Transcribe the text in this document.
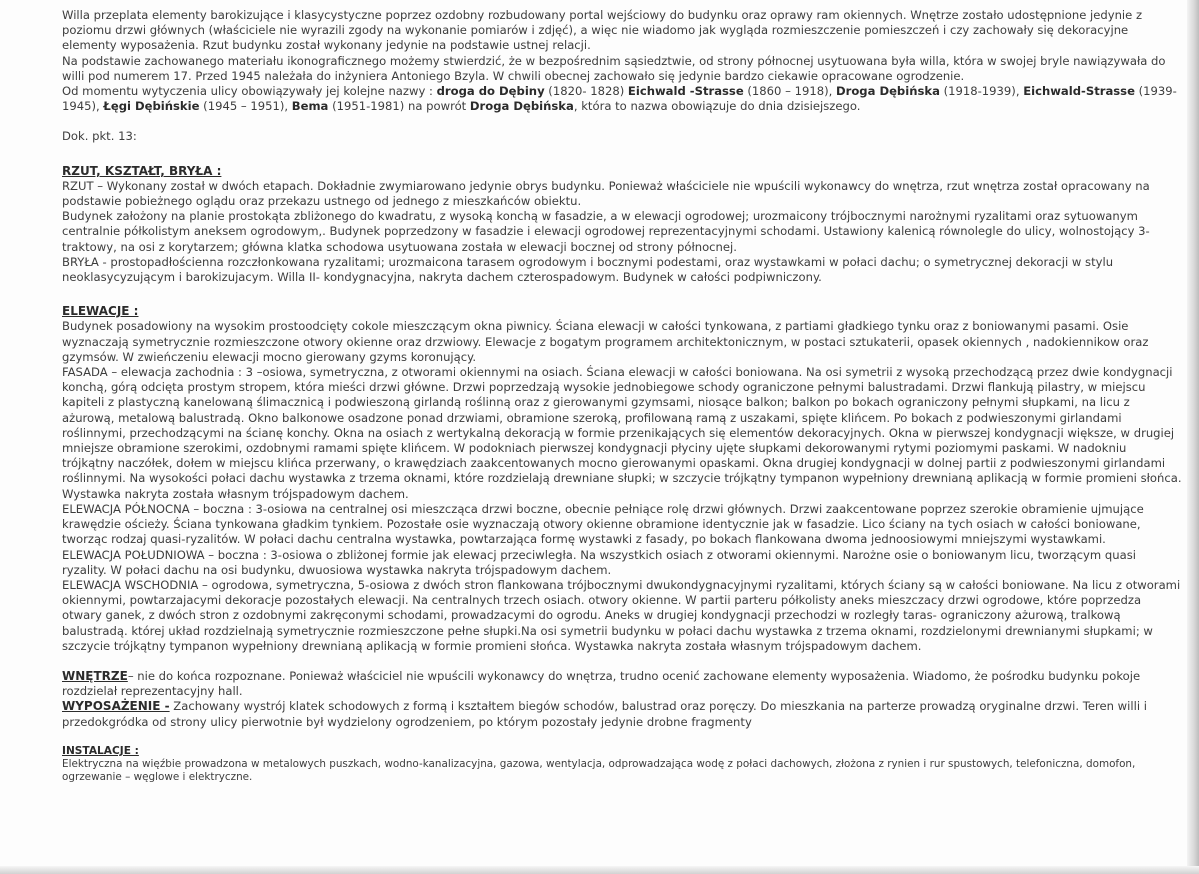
Willa przeplata elementy barokizujące i klasycystyczne poprzez ozdobny rozbudowany portal wejściowy do budynku oraz oprawy ram okiennych. Wnętrze zostało udostępnione jedynie z poziomu drzwi głównych (właściciele nie wyrazili zgody na wykonanie pomiarów i zdjęć), a więc nie wiadomo jak wygląda rozmieszczenie pomieszczeń i czy zachowały się dekoracyjne elementy wyposażenia. Rzut budynku został wykonany jedynie na podstawie ustnej relacji.

Na podstawie zachowanego materiału ikonograficznego możemy stwierdzić, że w bezpośrednim sąsiedztwie, od strony północnej usytuowana była willa, która w swojej bryle nawiązywała do willi pod numerem 17. Przed 1945 należała do inżyniera Antoniego Bzyla. W chwili obecnej zachowało się jedynie bardzo ciekawie opracowane ogrodzenie.

Od momentu wytyczenia ulicy obowiązywały jej kolejne nazwy : droga do Dębiny (1820- 1828) Eichwald -Strasse (1860 – 1918), Droga Dębińska (1918-1939), Eichwald-Strasse (1939-1945), Łęgi Dębińskie (1945 – 1951), Bema (1951-1981) na powrót Droga Dębińska, która to nazwa obowiązuje do dnia dzisiejszego.

Dok. pkt. 13:

RZUT, KSZTAŁT, BRYŁA :

RZUT – Wykonany został w dwóch etapach. Dokładnie zwymiarowano jedynie obrys budynku. Ponieważ właściciele nie wpuścili wykonawcy do wnętrza, rzut wnętrza został opracowany na podstawie pobieżnego oglądu oraz przekazu ustnego od jednego z mieszkańców obiektu.

Budynek założony na planie prostokąta zbliżonego do kwadratu, z wysoką konchą w fasadzie, a w elewacji ogrodowej; urozmaicony trójbocznymi narożnymi ryzalitami oraz sytuowanym centralnie półkolistym aneksem ogrodowym,. Budynek poprzedzony w fasadzie i elewacji ogrodowej reprezentacyjnymi schodami. Ustawiony kalenicą równolegle do ulicy, wolnostojący 3- traktowy, na osi z korytarzem; główna klatka schodowa usytuowana została w elewacji bocznej od strony północnej.

BRYŁA - prostopadłościenna rozczłonkowana ryzalitami; urozmaicona tarasem ogrodowym i bocznymi podestami, oraz wystawkami w połaci dachu; o symetrycznej dekoracji w stylu neoklasycyzującym i barokizujacym. Willa II- kondygnacyjna, nakryta dachem czterospadowym. Budynek w całości podpiwniczony.

ELEWACJE :

Budynek posadowiony na wysokim prostoodcięty cokole mieszczącym okna piwnicy. Ściana elewacji w całości tynkowana, z partiami gładkiego tynku oraz z boniowanymi pasami. Osie wyznaczają symetrycznie rozmieszczone otwory okienne oraz drzwiowy. Elewacje z bogatym programem architektonicznym, w postaci sztukaterii, opasek okiennych , nadokiennikow oraz gzymsów. W zwieńczeniu elewacji mocno gierowany gzyms koronujący.

FASADA – elewacja zachodnia : 3 –osiowa, symetryczna, z otworami okiennymi na osiach. Ściana elewacji w całości boniowana. Na osi symetrii z wysoką przechodzącą przez dwie kondygnacji konchą, górą odcięta prostym stropem, która mieści drzwi główne. Drzwi poprzedzają wysokie jednobiegowe schody ograniczone pełnymi balustradami. Drzwi flankują pilastry, w miejscu kapiteli z plastyczną kanelowaną ślimacznicą i podwieszoną girlandą roślinną oraz z gierowanymi gzymsami, niosące balkon; balkon po bokach ograniczony pełnymi słupkami, na licu z ażurową, metalową balustradą. Okno balkonowe osadzone ponad drzwiami, obramione szeroką, profilowaną ramą z uszakami, spięte klińcem. Po bokach z podwieszonymi girlandami roślinnymi, przechodzącymi na ścianę konchy. Okna na osiach z wertykalną dekoracją w formie przenikających się elementów dekoracyjnych. Okna w pierwszej kondygnacji większe, w drugiej mniejsze obramione szerokimi, ozdobnymi ramami spięte klińcem. W podokniach pierwszej kondygnacji płyciny ujęte słupkami dekorowanymi rytymi poziomymi paskami. W nadokniu trójkątny naczółek, dołem w miejscu klińca przerwany, o krawędziach zaakcentowanych mocno gierowanymi opaskami. Okna drugiej kondygnacji w dolnej partii z podwieszonymi girlandami roślinnymi. Na wysokości połaci dachu wystawka z trzema oknami, które rozdzielają drewniane słupki; w szczycie trójkątny tympanon wypełniony drewnianą aplikacją w formie promieni słońca. Wystawka nakryta została własnym trójspadowym dachem.

ELEWACJA PÓŁNOCNA – boczna : 3-osiowa na centralnej osi mieszcząca drzwi boczne, obecnie pełniące rolę drzwi głównych. Drzwi zaakcentowane poprzez szerokie obramienie ujmujące krawędzie ościeży. Ściana tynkowana gładkim tynkiem. Pozostałe osie wyznaczają otwory okienne obramione identycznie jak w fasadzie. Lico ściany na tych osiach w całości boniowane, tworząc rodzaj quasi-ryzalitów. W połaci dachu centralna wystawka, powtarzająca formę wystawki z fasady, po bokach flankowana dwoma jednoosiowymi mniejszymi wystawkami.

ELEWACJA POŁUDNIOWA – boczna : 3-osiowa o zbliżonej formie jak elewacj przeciwległa. Na wszystkich osiach z otworami okiennymi. Narożne osie o boniowanym licu, tworzącym quasi ryzality. W połaci dachu na osi budynku, dwuosiowa wystawka nakryta trójspadowym dachem.

ELEWACJA WSCHODNIA – ogrodowa, symetryczna, 5-osiowa z dwóch stron flankowana trójbocznymi dwukondygnacyjnymi ryzalitami, których ściany są w całości boniowane. Na licu z otworami okiennymi, powtarzajacymi dekoracje pozostałych elewacji. Na centralnych trzech osiach. otwory okienne. W partii parteru półkolisty aneks mieszczacy drzwi ogrodowe, które poprzedza otwary ganek, z dwóch stron z ozdobnymi zakręconymi schodami, prowadzacymi do ogrodu. Aneks w drugiej kondygnacji przechodzi w rozległy taras- ograniczony ażurową, tralkową balustradą. której układ rozdzielnają symetrycznie rozmieszczone pełne słupki.Na osi symetrii budynku w połaci dachu wystawka z trzema oknami, rozdzielonymi drewnianymi słupkami; w szczycie trójkątny tympanon wypełniony drewnianą aplikacją w formie promieni słońca. Wystawka nakryta została własnym trójspadowym dachem.

WNĘTRZE– nie do końca rozpoznane. Ponieważ właściciel nie wpuścili wykonawcy do wnętrza, trudno ocenić zachowane elementy wyposażenia. Wiadomo, że pośrodku budynku pokoje rozdzielał reprezentacyjny hall.

WYPOSAŻENIE - Zachowany wystrój klatek schodowych z formą i kształtem biegów schodów, balustrad oraz poręczy. Do mieszkania na parterze prowadzą oryginalne drzwi. Teren willi i przedokgródka od strony ulicy pierwotnie był wydzielony ogrodzeniem, po którym pozostały jedynie drobne fragmenty

INSTALACJE :

Elektryczna na więźbie prowadzona w metalowych puszkach, wodno-kanalizacyjna, gazowa, wentylacja, odprowadzająca wodę z połaci dachowych, złożona z rynien i rur spustowych, telefoniczna, domofon, ogrzewanie – węglowe i elektryczne.
